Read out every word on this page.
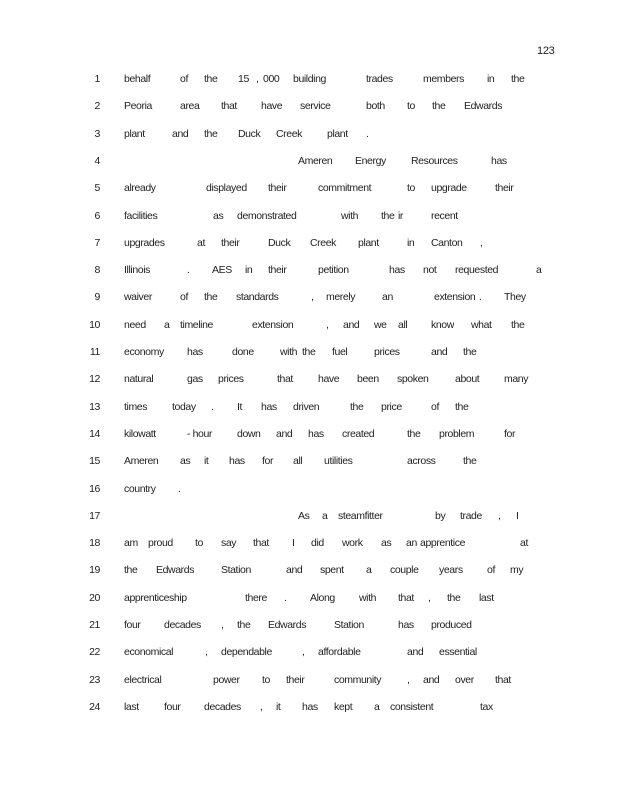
123
1 behalf	of the 15 , 000 building	trades	members in the
2 Peoria	area that have service	both to the Edwards
3 plant	and the Duck Creek plant .
4	Ameren Energy Resources	has
5 already	displayed their	commitment	to upgrade	their
6 facilities	as demonstrated	with the ir	recent
7 upgrades	at their	Duck Creek plant	in Canton ,
8 Illinois	. AES in their	petition	has not requested	a
9 waiver	of the standards	, merely	an	extension . They
10 need a timeline	extension	, and we all know what the
11 economy has	done with the fuel	prices	and the
12 natural	gas prices	that have been spoken	about many
13 times today . It has driven	the price	of the
14 kilowatt	- hour down and has created	the problem	for
15 Ameren as it has for all utilities	across	the
16 country .
17	As a steamfitter	by trade , I
18 am proud to say that I did work as an apprentice	at
19 the Edwards	Station	and spent a couple years of my
20 apprenticeship	there . Along with that , the last
21 four decades , the Edwards	Station	has produced
22 economical	, dependable	, affordable	and essential
23 electrical	power to their	community , and over that
24 last four decades , it has kept a consistent	tax
